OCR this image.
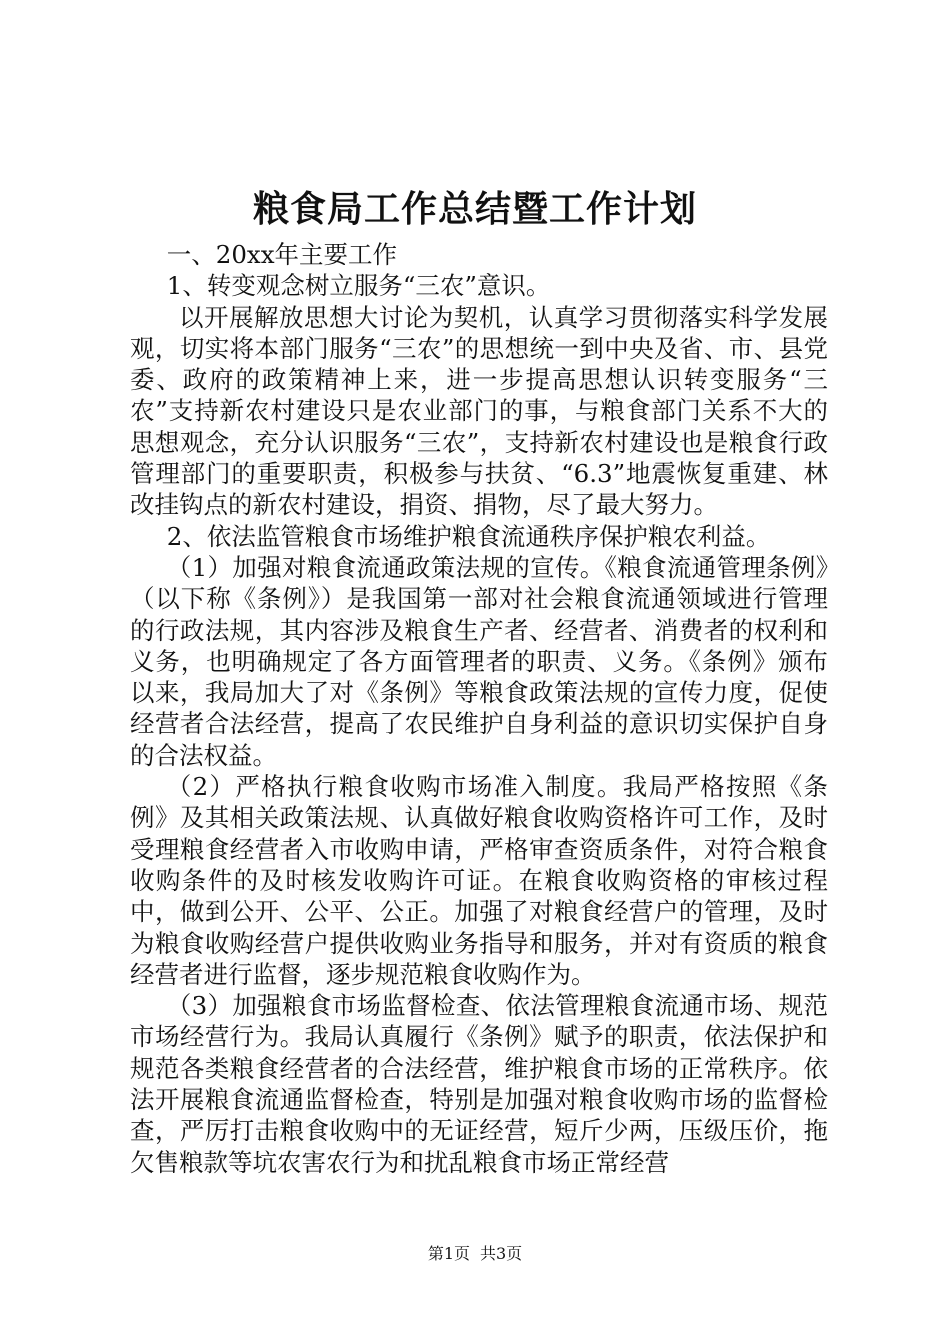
粮食局工作总结暨工作计划

一、20xx年主要工作

1、转变观念树立服务“三农”意识。

以开展解放思想大讨论为契机，认真学习贯彻落实科学发展观，切实将本部门服务“三农”的思想统一到中央及省、市、县党委、政府的政策精神上来，进一步提高思想认识转变服务“三农”支持新农村建设只是农业部门的事，与粮食部门关系不大的思想观念，充分认识服务“三农”，支持新农村建设也是粮食行政管理部门的重要职责，积极参与扶贫、“6.3”地震恢复重建、林改挂钩点的新农村建设，捐资、捐物，尽了最大努力。

2、依法监管粮食市场维护粮食流通秩序保护粮农利益。

（1）加强对粮食流通政策法规的宣传。《粮食流通管理条例》（以下称《条例》）是我国第一部对社会粮食流通领域进行管理的行政法规，其内容涉及粮食生产者、经营者、消费者的权利和义务，也明确规定了各方面管理者的职责、义务。《条例》颁布以来，我局加大了对《条例》等粮食政策法规的宣传力度，促使经营者合法经营，提高了农民维护自身利益的意识切实保护自身的合法权益。

（2）严格执行粮食收购市场准入制度。我局严格按照《条例》及其相关政策法规、认真做好粮食收购资格许可工作，及时受理粮食经营者入市收购申请，严格审查资质条件，对符合粮食收购条件的及时核发收购许可证。在粮食收购资格的审核过程中，做到公开、公平、公正。加强了对粮食经营户的管理，及时为粮食收购经营户提供收购业务指导和服务，并对有资质的粮食经营者进行监督，逐步规范粮食收购作为。

（3）加强粮食市场监督检查、依法管理粮食流通市场、规范市场经营行为。我局认真履行《条例》赋予的职责，依法保护和规范各类粮食经营者的合法经营，维护粮食市场的正常秩序。依法开展粮食流通监督检查，特别是加强对粮食收购市场的监督检查，严厉打击粮食收购中的无证经营，短斤少两，压级压价，拖欠售粮款等坑农害农行为和扰乱粮食市场正常经营

第1页 共3页
